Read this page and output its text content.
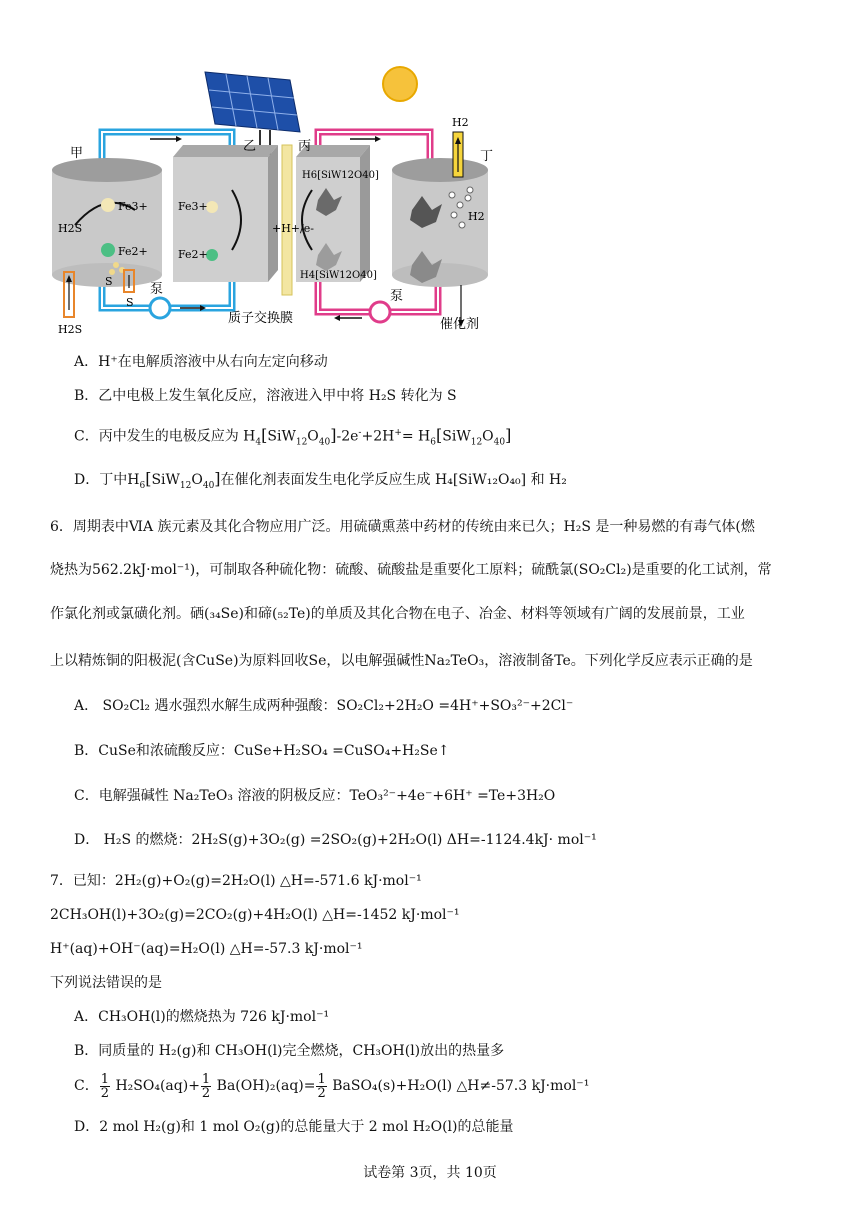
甲	乙	丙
丁
Fe3+
Fe2+
H2S
S
S
H2S
泵
Fe3+
Fe2+
质子交换膜
H6[SiW12O40]
H4[SiW12O40]
+H+/e-
泵
催化剂
H2
H2
A．H⁺在电解质溶液中从右向左定向移动
B．乙中电极上发生氧化反应，溶液进入甲中将 H₂S 转化为 S
C．丙中发生的电极反应为 $H_4[SiW_{12}O_{40}]-2e^-+2H^+= H_6[SiW_{12}O_{40}]$
D．丁中$H_6[SiW_{12}O_{40}]$在催化剂表面发生电化学反应生成 H₄[SiW₁₂O₄₀] 和 H₂
6．周期表中ⅥA 族元素及其化合物应用广泛。用硫磺熏蒸中药材的传统由来已久；H₂S 是一种易燃的有毒气体(燃
烧热为562.2kJ·mol⁻¹)，可制取各种硫化物：硫酸、硫酸盐是重要化工原料；硫酰氯(SO₂Cl₂)是重要的化工试剂，常
作氯化剂或氯磺化剂。硒(₃₄Se)和碲(₅₂Te)的单质及其化合物在电子、冶金、材料等领域有广阔的发展前景，工业
上以精炼铜的阳极泥(含CuSe)为原料回收Se，以电解强碱性Na₂TeO₃，溶液制备Te。下列化学反应表示正确的是
A． SO₂Cl₂ 遇水强烈水解生成两种强酸：SO₂Cl₂+2H₂O =4H⁺+SO₃²⁻+2Cl⁻
B．CuSe和浓硫酸反应：CuSe+H₂SO₄ =CuSO₄+H₂Se↑
C．电解强碱性 Na₂TeO₃ 溶液的阴极反应：TeO₃²⁻+4e⁻+6H⁺ =Te+3H₂O
D． H₂S 的燃烧：2H₂S(g)+3O₂(g) =2SO₂(g)+2H₂O(l) ΔH=-1124.4kJ· mol⁻¹
7．已知：2H₂(g)+O₂(g)=2H₂O(l) △H=-571.6 kJ·mol⁻¹
2CH₃OH(l)+3O₂(g)=2CO₂(g)+4H₂O(l) △H=-1452 kJ·mol⁻¹
H⁺(aq)+OH⁻(aq)=H₂O(l) △H=-57.3 kJ·mol⁻¹
下列说法错误的是
A．CH₃OH(l)的燃烧热为 726 kJ·mol⁻¹
B．同质量的 H₂(g)和 CH₃OH(l)完全燃烧，CH₃OH(l)放出的热量多
C． $\frac{1}{2} H_2SO_4(aq)+ \frac{1}{2} Ba(OH)_2(aq)= \frac{1}{2}$ BaSO₄(s)+H₂O(l) △H≠-57.3 kJ·mol⁻¹
D．2 mol H₂(g)和 1 mol O₂(g)的总能量大于 2 mol H₂O(l)的总能量
试卷第 3页，共 10页
